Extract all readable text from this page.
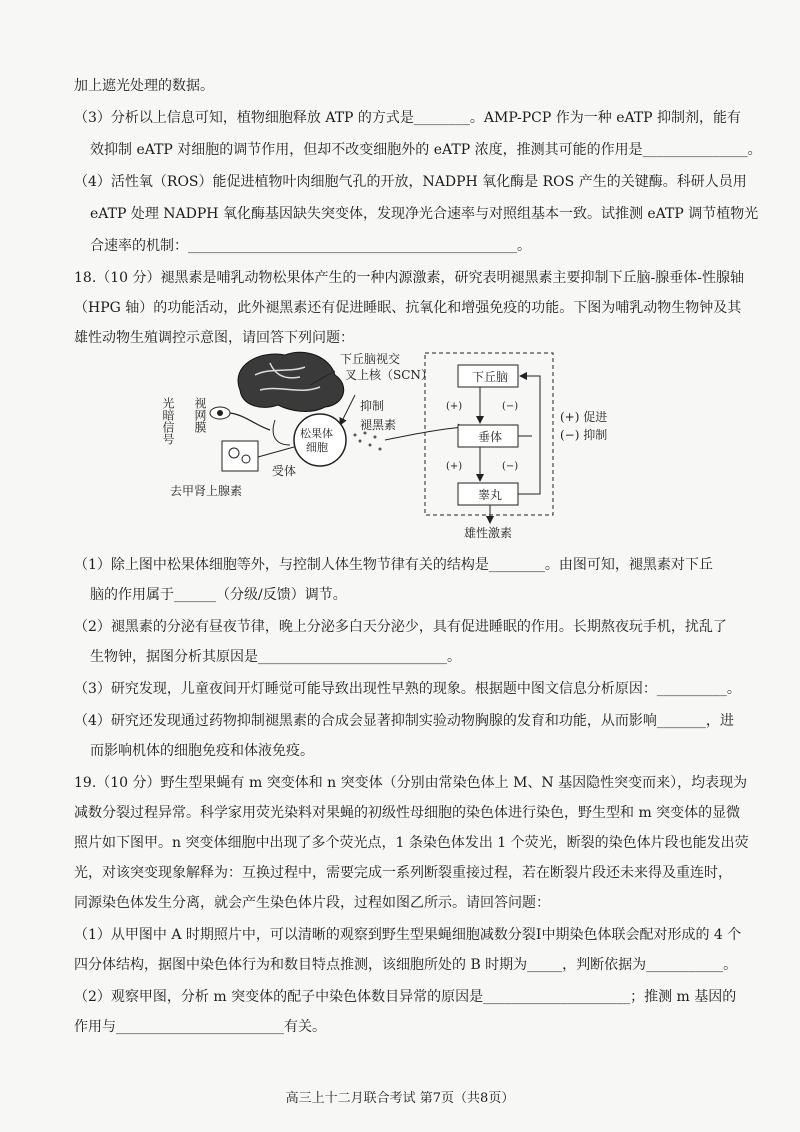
加上遮光处理的数据。
（3）分析以上信息可知，植物细胞释放 ATP 的方式是________。AMP-PCP 作为一种 eATP 抑制剂，能有
效抑制 eATP 对细胞的调节作用，但却不改变细胞外的 eATP 浓度，推测其可能的作用是_______________。
（4）活性氧（ROS）能促进植物叶肉细胞气孔的开放，NADPH 氧化酶是 ROS 产生的关键酶。科研人员用
eATP 处理 NADPH 氧化酶基因缺失突变体，发现净光合速率与对照组基本一致。试推测 eATP 调节植物光
合速率的机制：_______________________________________________。
18.（10 分）褪黑素是哺乳动物松果体产生的一种内源激素，研究表明褪黑素主要抑制下丘脑-腺垂体-性腺轴
（HPG 轴）的功能活动，此外褪黑素还有促进睡眠、抗氧化和增强免疫的功能。下图为哺乳动物生物钟及其
雄性动物生殖调控示意图，请回答下列问题：
光暗信号 视网膜
下丘脑视交
叉上核（SCN）
抑制
松果体
细胞
褪黑素
受体
去甲肾上腺素
下丘脑
垂体
睾丸
(+)	(−)
(+)	(−)
雄性激素
(+) 促进
(−) 抑制
（1）除上图中松果体细胞等外，与控制人体生物节律有关的结构是________。由图可知，褪黑素对下丘
脑的作用属于______（分级/反馈）调节。
（2）褪黑素的分泌有昼夜节律，晚上分泌多白天分泌少，具有促进睡眠的作用。长期熬夜玩手机，扰乱了
生物钟，据图分析其原因是___________________________。
（3）研究发现，儿童夜间开灯睡觉可能导致出现性早熟的现象。根据题中图文信息分析原因：__________。
（4）研究还发现通过药物抑制褪黑素的合成会显著抑制实验动物胸腺的发育和功能，从而影响_______，进
而影响机体的细胞免疫和体液免疫。
19.（10 分）野生型果蝇有 m 突变体和 n 突变体（分别由常染色体上 M、N 基因隐性突变而来），均表现为
减数分裂过程异常。科学家用荧光染料对果蝇的初级性母细胞的染色体进行染色，野生型和 m 突变体的显微
照片如下图甲。n 突变体细胞中出现了多个荧光点，1 条染色体发出 1 个荧光，断裂的染色体片段也能发出荧
光，对该突变现象解释为：互换过程中，需要完成一系列断裂重接过程，若在断裂片段还未来得及重连时，
同源染色体发生分离，就会产生染色体片段，过程如图乙所示。请回答问题：
（1）从甲图中 A 时期照片中，可以清晰的观察到野生型果蝇细胞减数分裂Ⅰ中期染色体联会配对形成的 4 个
四分体结构，据图中染色体行为和数目特点推测，该细胞所处的 B 时期为_____，判断依据为___________。
（2）观察甲图，分析 m 突变体的配子中染色体数目异常的原因是_____________________；推测 m 基因的
作用与________________________有关。
高三上十二月联合考试 第7页（共8页）
